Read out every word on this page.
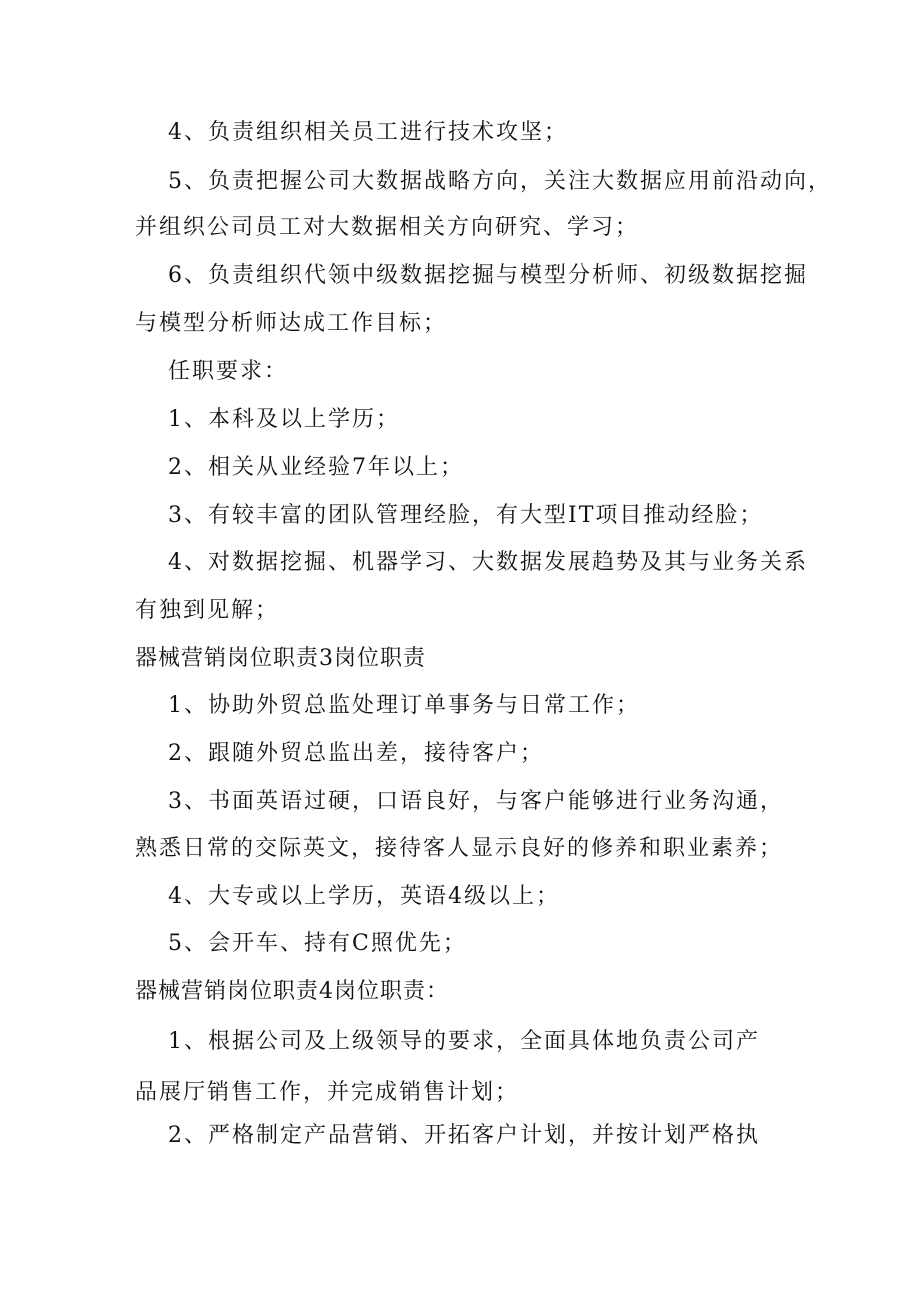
4、负责组织相关员工进行技术攻坚；
5、负责把握公司大数据战略方向，关注大数据应用前沿动向，
并组织公司员工对大数据相关方向研究、学习；
6、负责组织代领中级数据挖掘与模型分析师、初级数据挖掘
与模型分析师达成工作目标；
任职要求：
1、本科及以上学历；
2、相关从业经验7年以上；
3、有较丰富的团队管理经脸，有大型IT项目推动经脸；
4、对数据挖掘、机器学习、大数据发展趋势及其与业务关系
有独到见解；
器械营销岗位职责3岗位职责
1、协助外贸总监处理订单事务与日常工作；
2、跟随外贸总监出差，接待客户；
3、书面英语过硬，口语良好，与客户能够进行业务沟通，
熟悉日常的交际英文，接待客人显示良好的修养和职业素养；
4、大专或以上学历，英语4级以上；
5、会开车、持有C照优先；
器械营销岗位职责4岗位职责：
1、根据公司及上级领导的要求，全面具体地负责公司产
品展厅销售工作，并完成销售计划；
2、严格制定产品营销、开拓客户计划，并按计划严格执
